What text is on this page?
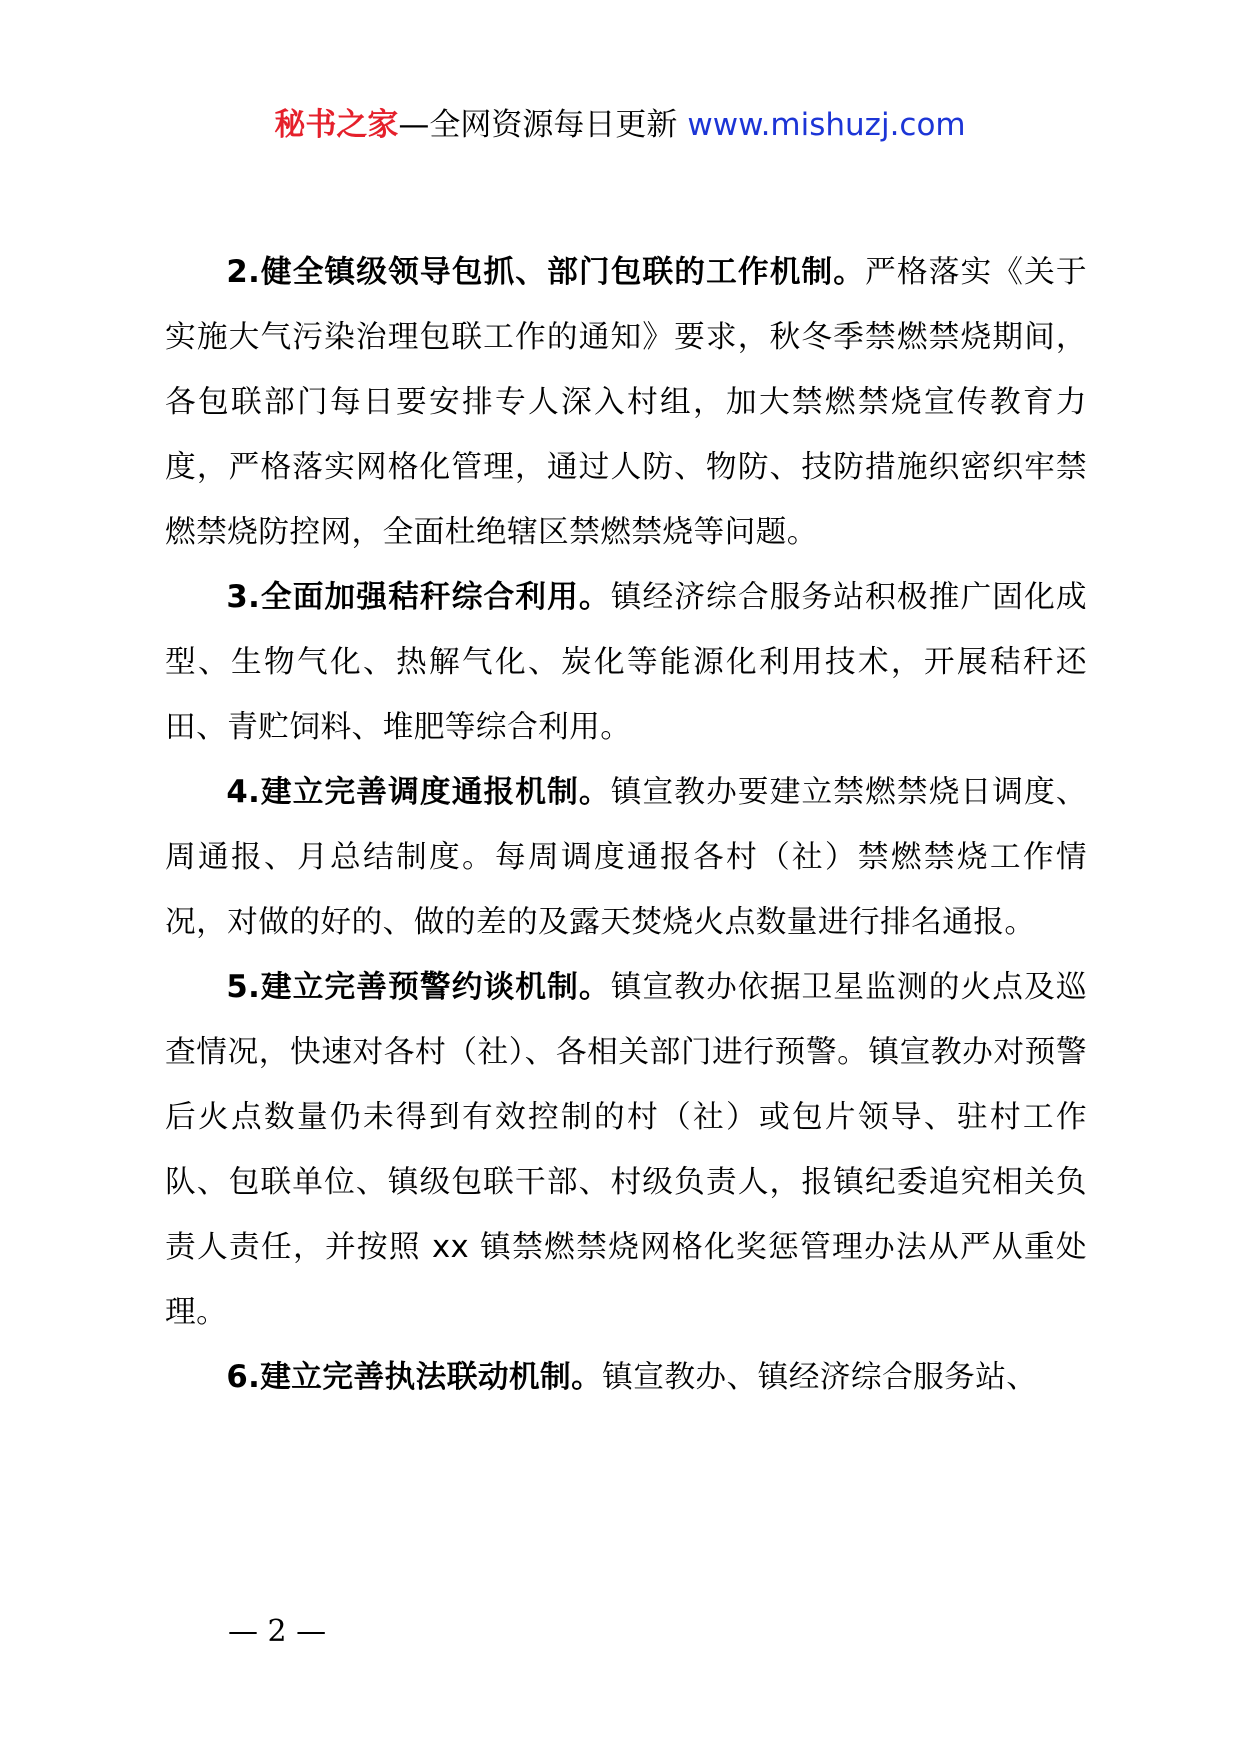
秘书之家—全网资源每日更新 www.mishuzj.com

2.健全镇级领导包抓、部门包联的工作机制。严格落实《关于实施大气污染治理包联工作的通知》要求，秋冬季禁燃禁烧期间，各包联部门每日要安排专人深入村组，加大禁燃禁烧宣传教育力度，严格落实网格化管理，通过人防、物防、技防措施织密织牢禁燃禁烧防控网，全面杜绝辖区禁燃禁烧等问题。

3.全面加强秸秆综合利用。镇经济综合服务站积极推广固化成型、生物气化、热解气化、炭化等能源化利用技术，开展秸秆还田、青贮饲料、堆肥等综合利用。

4.建立完善调度通报机制。镇宣教办要建立禁燃禁烧日调度、周通报、月总结制度。每周调度通报各村（社）禁燃禁烧工作情况，对做的好的、做的差的及露天焚烧火点数量进行排名通报。

5.建立完善预警约谈机制。镇宣教办依据卫星监测的火点及巡查情况，快速对各村（社）、各相关部门进行预警。镇宣教办对预警后火点数量仍未得到有效控制的村（社）或包片领导、驻村工作队、包联单位、镇级包联干部、村级负责人，报镇纪委追究相关负责人责任，并按照 xx 镇禁燃禁烧网格化奖惩管理办法从严从重处理。

6.建立完善执法联动机制。镇宣教办、镇经济综合服务站、

— 2 —
